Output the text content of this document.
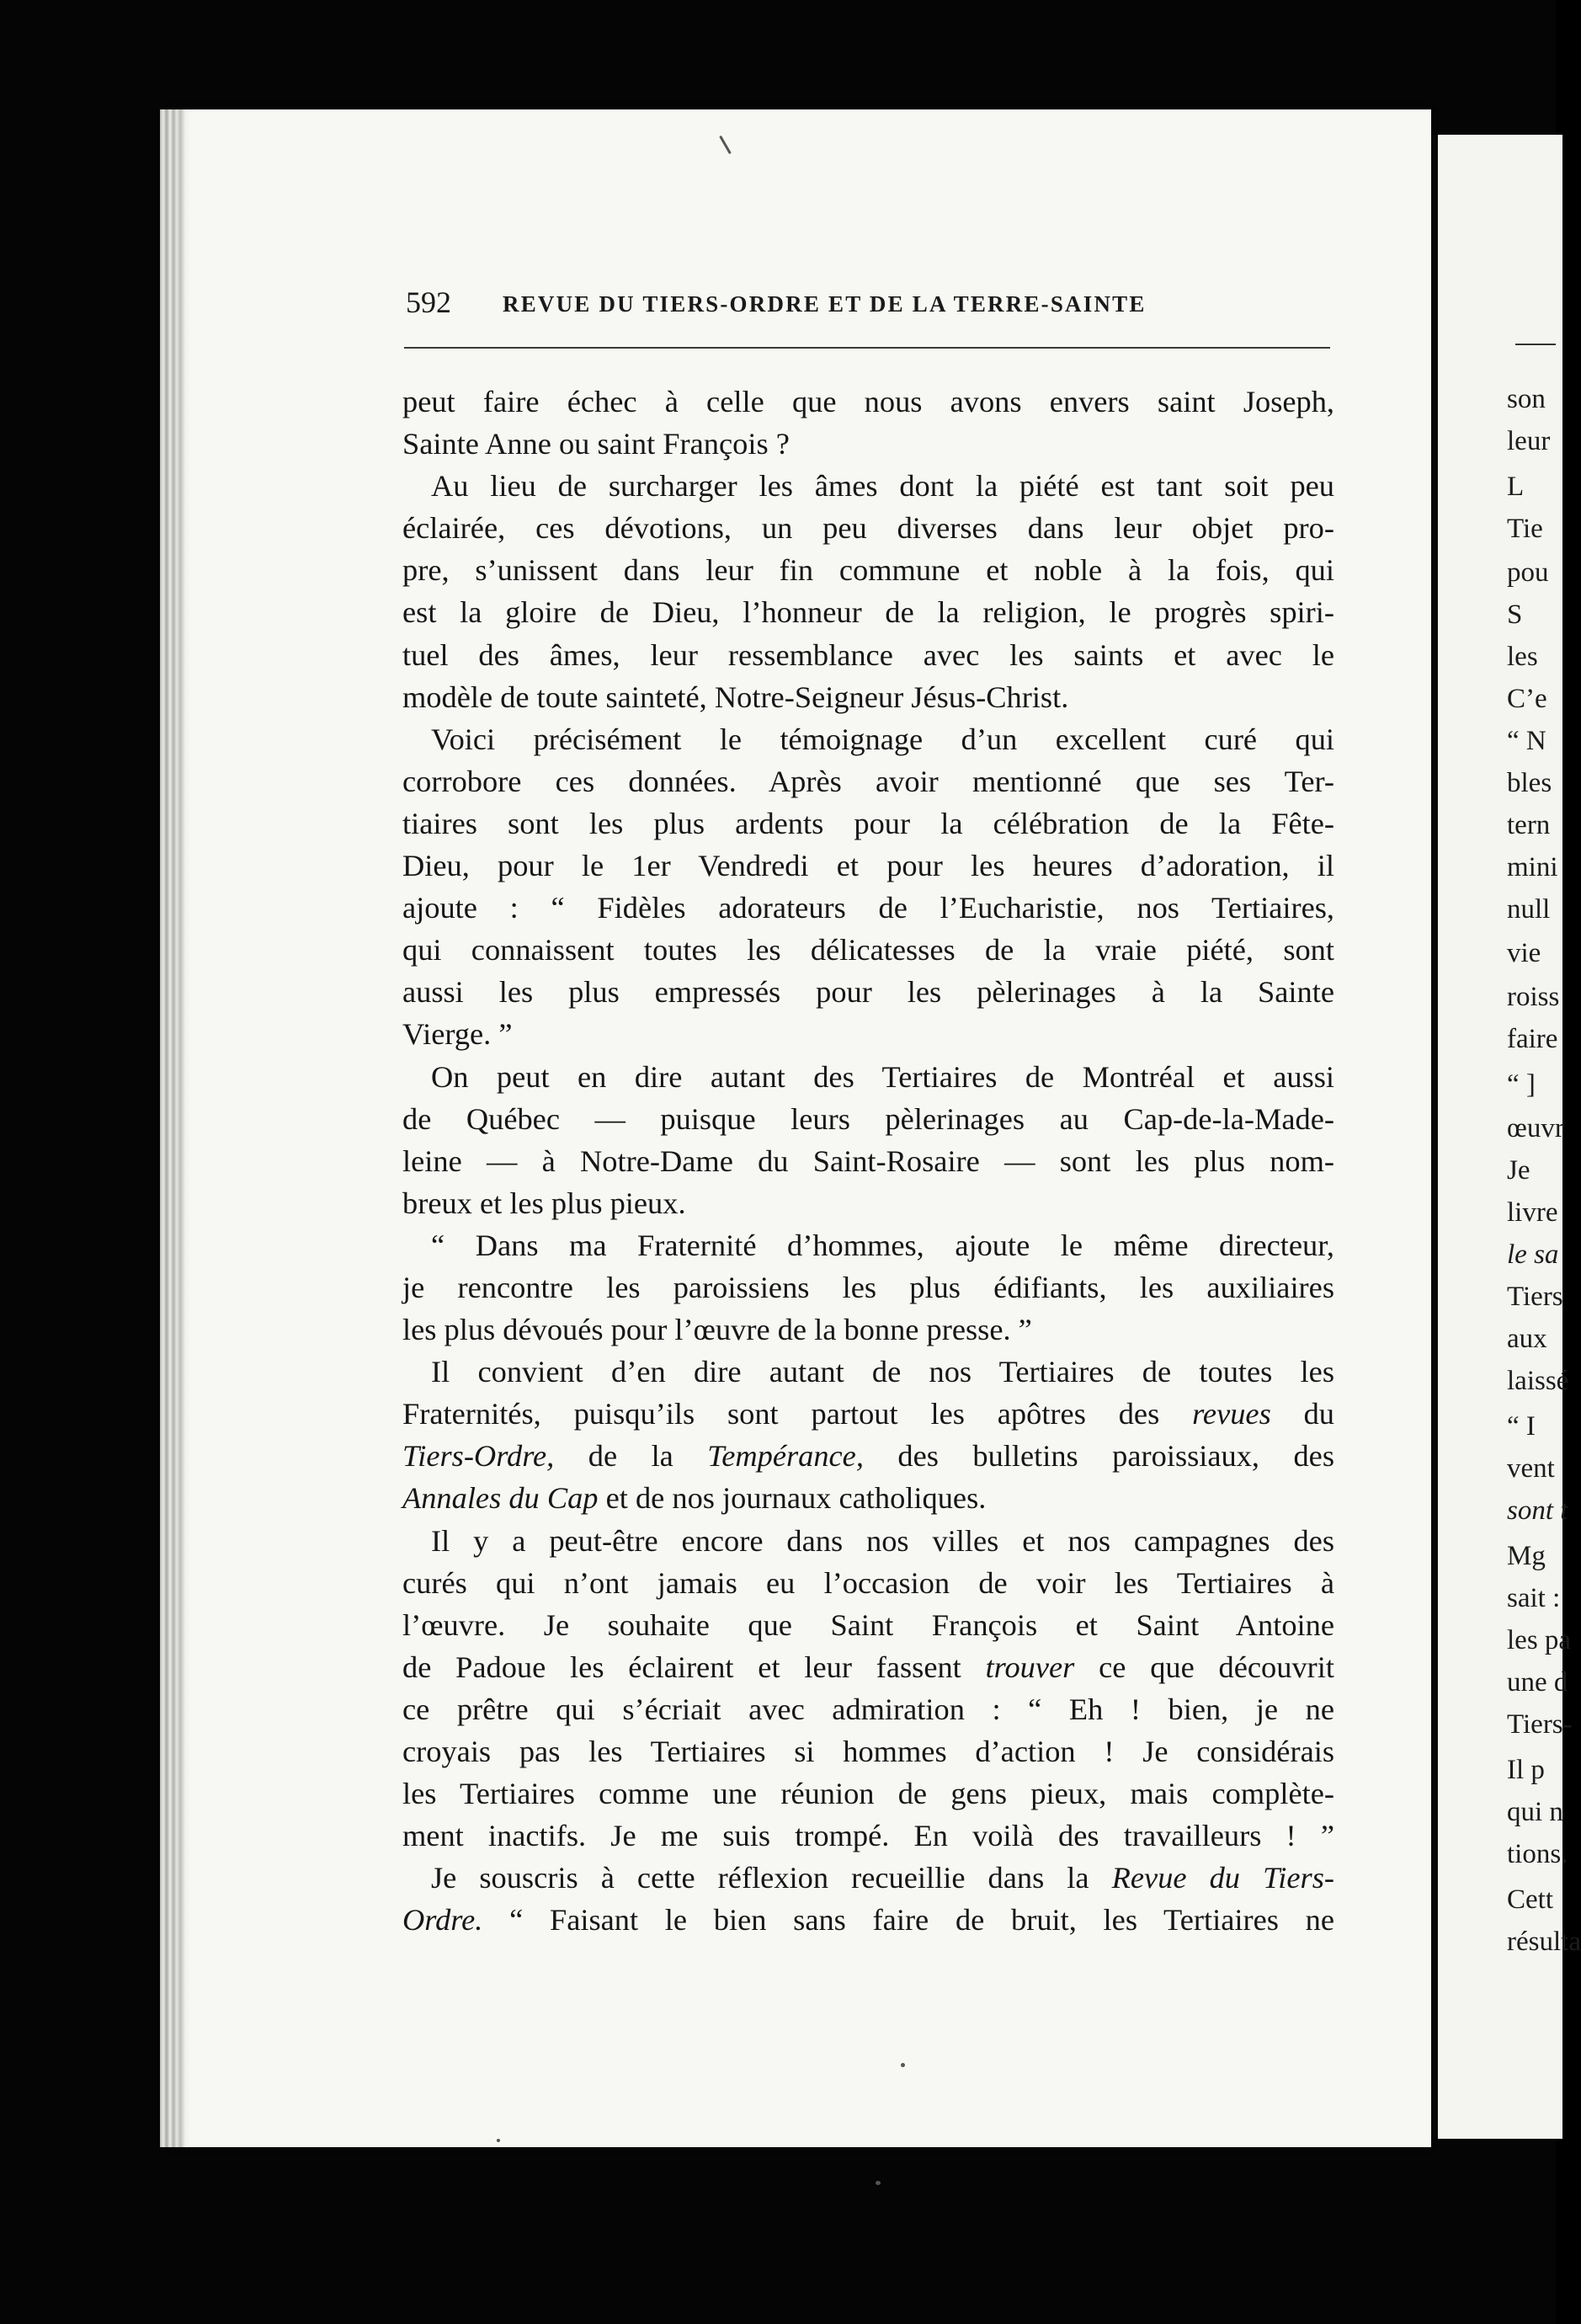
son
leur
L
Tie
pou
S
les
C’e
“ N
bles
tern
mini
null
vie
roiss
faire
“ ]
œuvr
Je
livre
le sa
Tiers
aux
laissé
“ I
vent
sont t
Mg
sait :
les pa
une d
Tiers-
Il p
qui n
tions.
Cett
résulta
592 REVUE DU TIERS-ORDRE ET DE LA TERRE-SAINTE
peut faire échec à celle que nous avons envers saint Joseph,
Sainte Anne ou saint François ?
Au lieu de surcharger les âmes dont la piété est tant soit peu
éclairée, ces dévotions, un peu diverses dans leur objet pro-
pre, s’unissent dans leur fin commune et noble à la fois, qui
est la gloire de Dieu, l’honneur de la religion, le progrès spiri-
tuel des âmes, leur ressemblance avec les saints et avec le
modèle de toute sainteté, Notre-Seigneur Jésus-Christ.
Voici précisément le témoignage d’un excellent curé qui
corrobore ces données. Après avoir mentionné que ses Ter-
tiaires sont les plus ardents pour la célébration de la Fête-
Dieu, pour le 1er Vendredi et pour les heures d’adoration, il
ajoute : “ Fidèles adorateurs de l’Eucharistie, nos Tertiaires,
qui connaissent toutes les délicatesses de la vraie piété, sont
aussi les plus empressés pour les pèlerinages à la Sainte
Vierge. ”
On peut en dire autant des Tertiaires de Montréal et aussi
de Québec — puisque leurs pèlerinages au Cap-de-la-Made-
leine — à Notre-Dame du Saint-Rosaire — sont les plus nom-
breux et les plus pieux.
“ Dans ma Fraternité d’hommes, ajoute le même directeur,
je rencontre les paroissiens les plus édifiants, les auxiliaires
les plus dévoués pour l’œuvre de la bonne presse. ”
Il convient d’en dire autant de nos Tertiaires de toutes les
Fraternités, puisqu’ils sont partout les apôtres des revues du
Tiers-Ordre, de la Tempérance, des bulletins paroissiaux, des
Annales du Cap et de nos journaux catholiques.
Il y a peut-être encore dans nos villes et nos campagnes des
curés qui n’ont jamais eu l’occasion de voir les Tertiaires à
l’œuvre. Je souhaite que Saint François et Saint Antoine
de Padoue les éclairent et leur fassent trouver ce que découvrit
ce prêtre qui s’écriait avec admiration : “ Eh ! bien, je ne
croyais pas les Tertiaires si hommes d’action ! Je considérais
les Tertiaires comme une réunion de gens pieux, mais complète-
ment inactifs. Je me suis trompé. En voilà des travailleurs ! ”
Je souscris à cette réflexion recueillie dans la Revue du Tiers-
Ordre. “ Faisant le bien sans faire de bruit, les Tertiaires ne
